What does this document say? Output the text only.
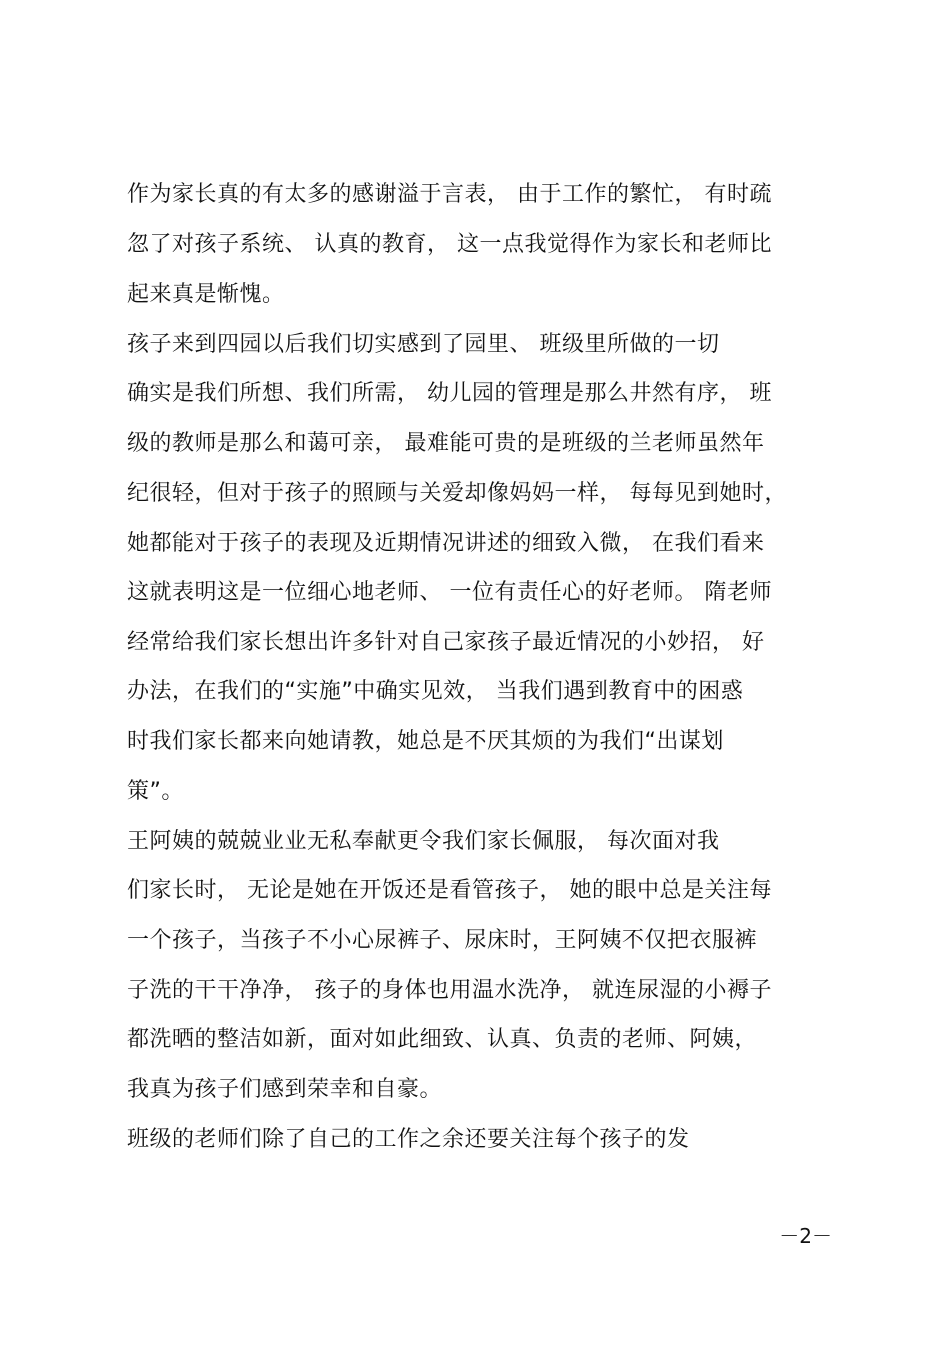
作为家长真的有太多的感谢溢于言表， 由于工作的繁忙， 有时疏
忽了对孩子系统、 认真的教育， 这一点我觉得作为家长和老师比
起来真是惭愧。
孩子来到四园以后我们切实感到了园里、 班级里所做的一切
确实是我们所想、我们所需， 幼儿园的管理是那么井然有序， 班
级的教师是那么和蔼可亲， 最难能可贵的是班级的兰老师虽然年
纪很轻，但对于孩子的照顾与关爱却像妈妈一样， 每每见到她时，
她都能对于孩子的表现及近期情况讲述的细致入微， 在我们看来
这就表明这是一位细心地老师、 一位有责任心的好老师。 隋老师
经常给我们家长想出许多针对自己家孩子最近情况的小妙招， 好
办法，在我们的“实施”中确实见效， 当我们遇到教育中的困惑
时我们家长都来向她请教，她总是不厌其烦的为我们“出谋划
策”。
王阿姨的兢兢业业无私奉献更令我们家长佩服， 每次面对我
们家长时， 无论是她在开饭还是看管孩子， 她的眼中总是关注每
一个孩子，当孩子不小心尿裤子、尿床时，王阿姨不仅把衣服裤
子洗的干干净净， 孩子的身体也用温水洗净， 就连尿湿的小褥子
都洗晒的整洁如新，面对如此细致、认真、负责的老师、阿姨，
我真为孩子们感到荣幸和自豪。
班级的老师们除了自己的工作之余还要关注每个孩子的发
－2－
